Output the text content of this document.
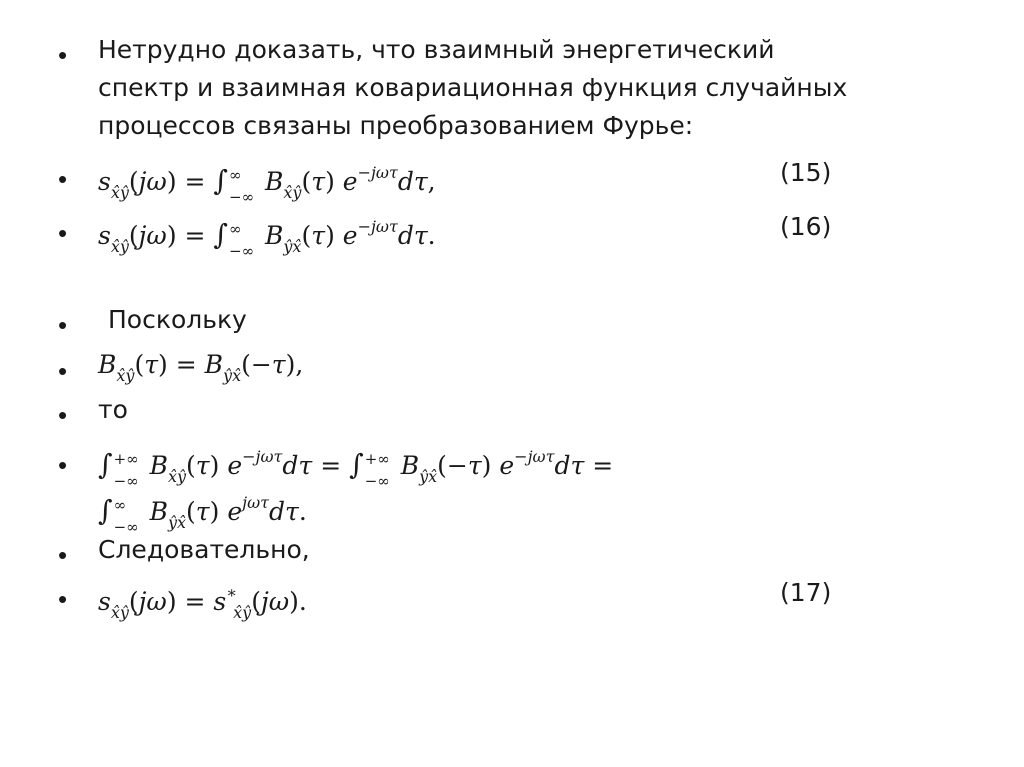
• Нетрудно доказать, что взаимный энергетический
спектр и взаимная ковариационная функция случайных
процессов связаны преобразованием Фурье:
• $s_{x̂ŷ}(j\omega)$ = ∫ ∞
−∞
$B_{x̂ŷ}(\tau)$ $e^{-j\omega\tau}d\tau$,	(15)
• $s_{x̂ŷ}(j\omega)$ = ∫ ∞
−∞
$B_{ŷx̂}(\tau)$ $e^{-j\omega\tau}d\tau$.	(16)
• Поскольку
• $B_{x̂ŷ}(\tau) = B_{ŷx̂}(-\tau)$,
• то
• ∫ +∞
−∞
$B_{x̂ŷ}(\tau) e^{-j\omega\tau}d\tau$ = ∫ +∞
−∞
$B_{ŷx̂}(-\tau) e^{-j\omega\tau}d\tau$ =
∫ ∞
−∞
$B_{ŷx̂}(\tau)$ $e^{j\omega\tau}d\tau$.
• Следовательно,
• $s_{x̂ŷ}(j\omega) = s^∗_{x̂ŷ}(j\omega)$.	(17)
